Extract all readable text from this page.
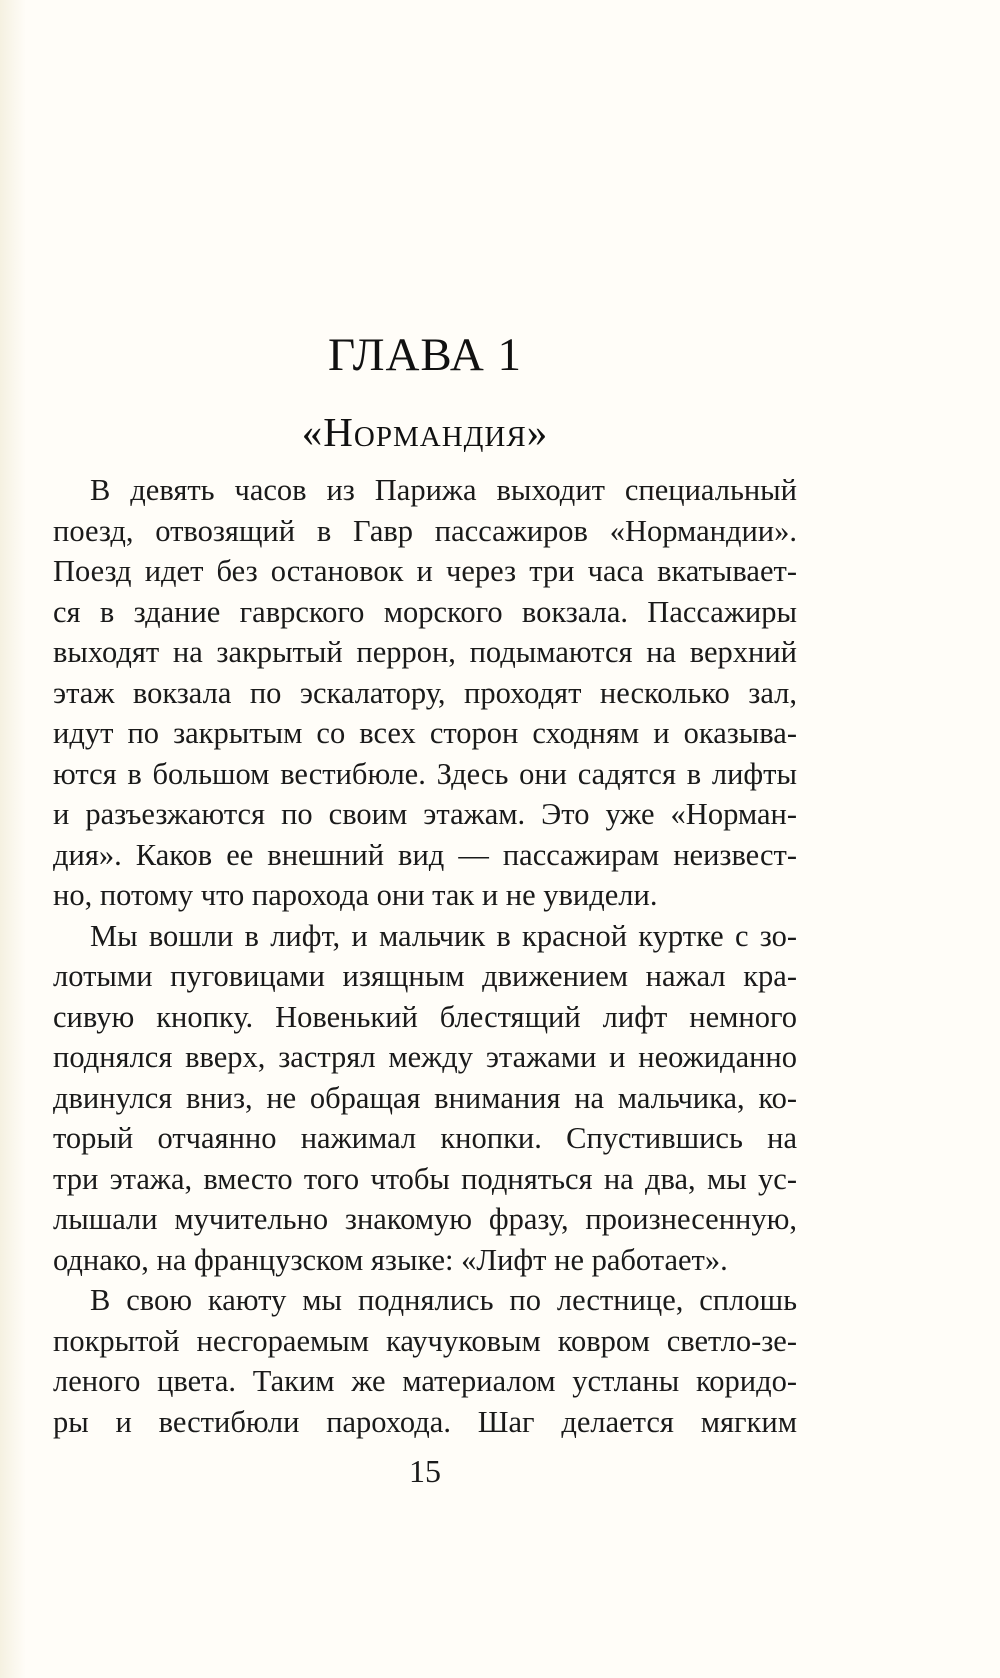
ГЛАВА 1
«Нормандия»
В девять часов из Парижа выходит специальный
поезд, отвозящий в Гавр пассажиров «Нормандии».
Поезд идет без остановок и через три часа вкатывает-
ся в здание гаврского морского вокзала. Пассажиры
выходят на закрытый перрон, подымаются на верхний
этаж вокзала по эскалатору, проходят несколько зал,
идут по закрытым со всех сторон сходням и оказыва-
ются в большом вестибюле. Здесь они садятся в лифты
и разъезжаются по своим этажам. Это уже «Норман-
дия». Каков ее внешний вид — пассажирам неизвест-
но, потому что парохода они так и не увидели.
Мы вошли в лифт, и мальчик в красной куртке с зо-
лотыми пуговицами изящным движением нажал кра-
сивую кнопку. Новенький блестящий лифт немного
поднялся вверх, застрял между этажами и неожиданно
двинулся вниз, не обращая внимания на мальчика, ко-
торый отчаянно нажимал кнопки. Спустившись на
три этажа, вместо того чтобы подняться на два, мы ус-
лышали мучительно знакомую фразу, произнесенную,
однако, на французском языке: «Лифт не работает».
В свою каюту мы поднялись по лестнице, сплошь
покрытой несгораемым каучуковым ковром светло-зе-
леного цвета. Таким же материалом устланы коридо-
ры и вестибюли парохода. Шаг делается мягким
15
